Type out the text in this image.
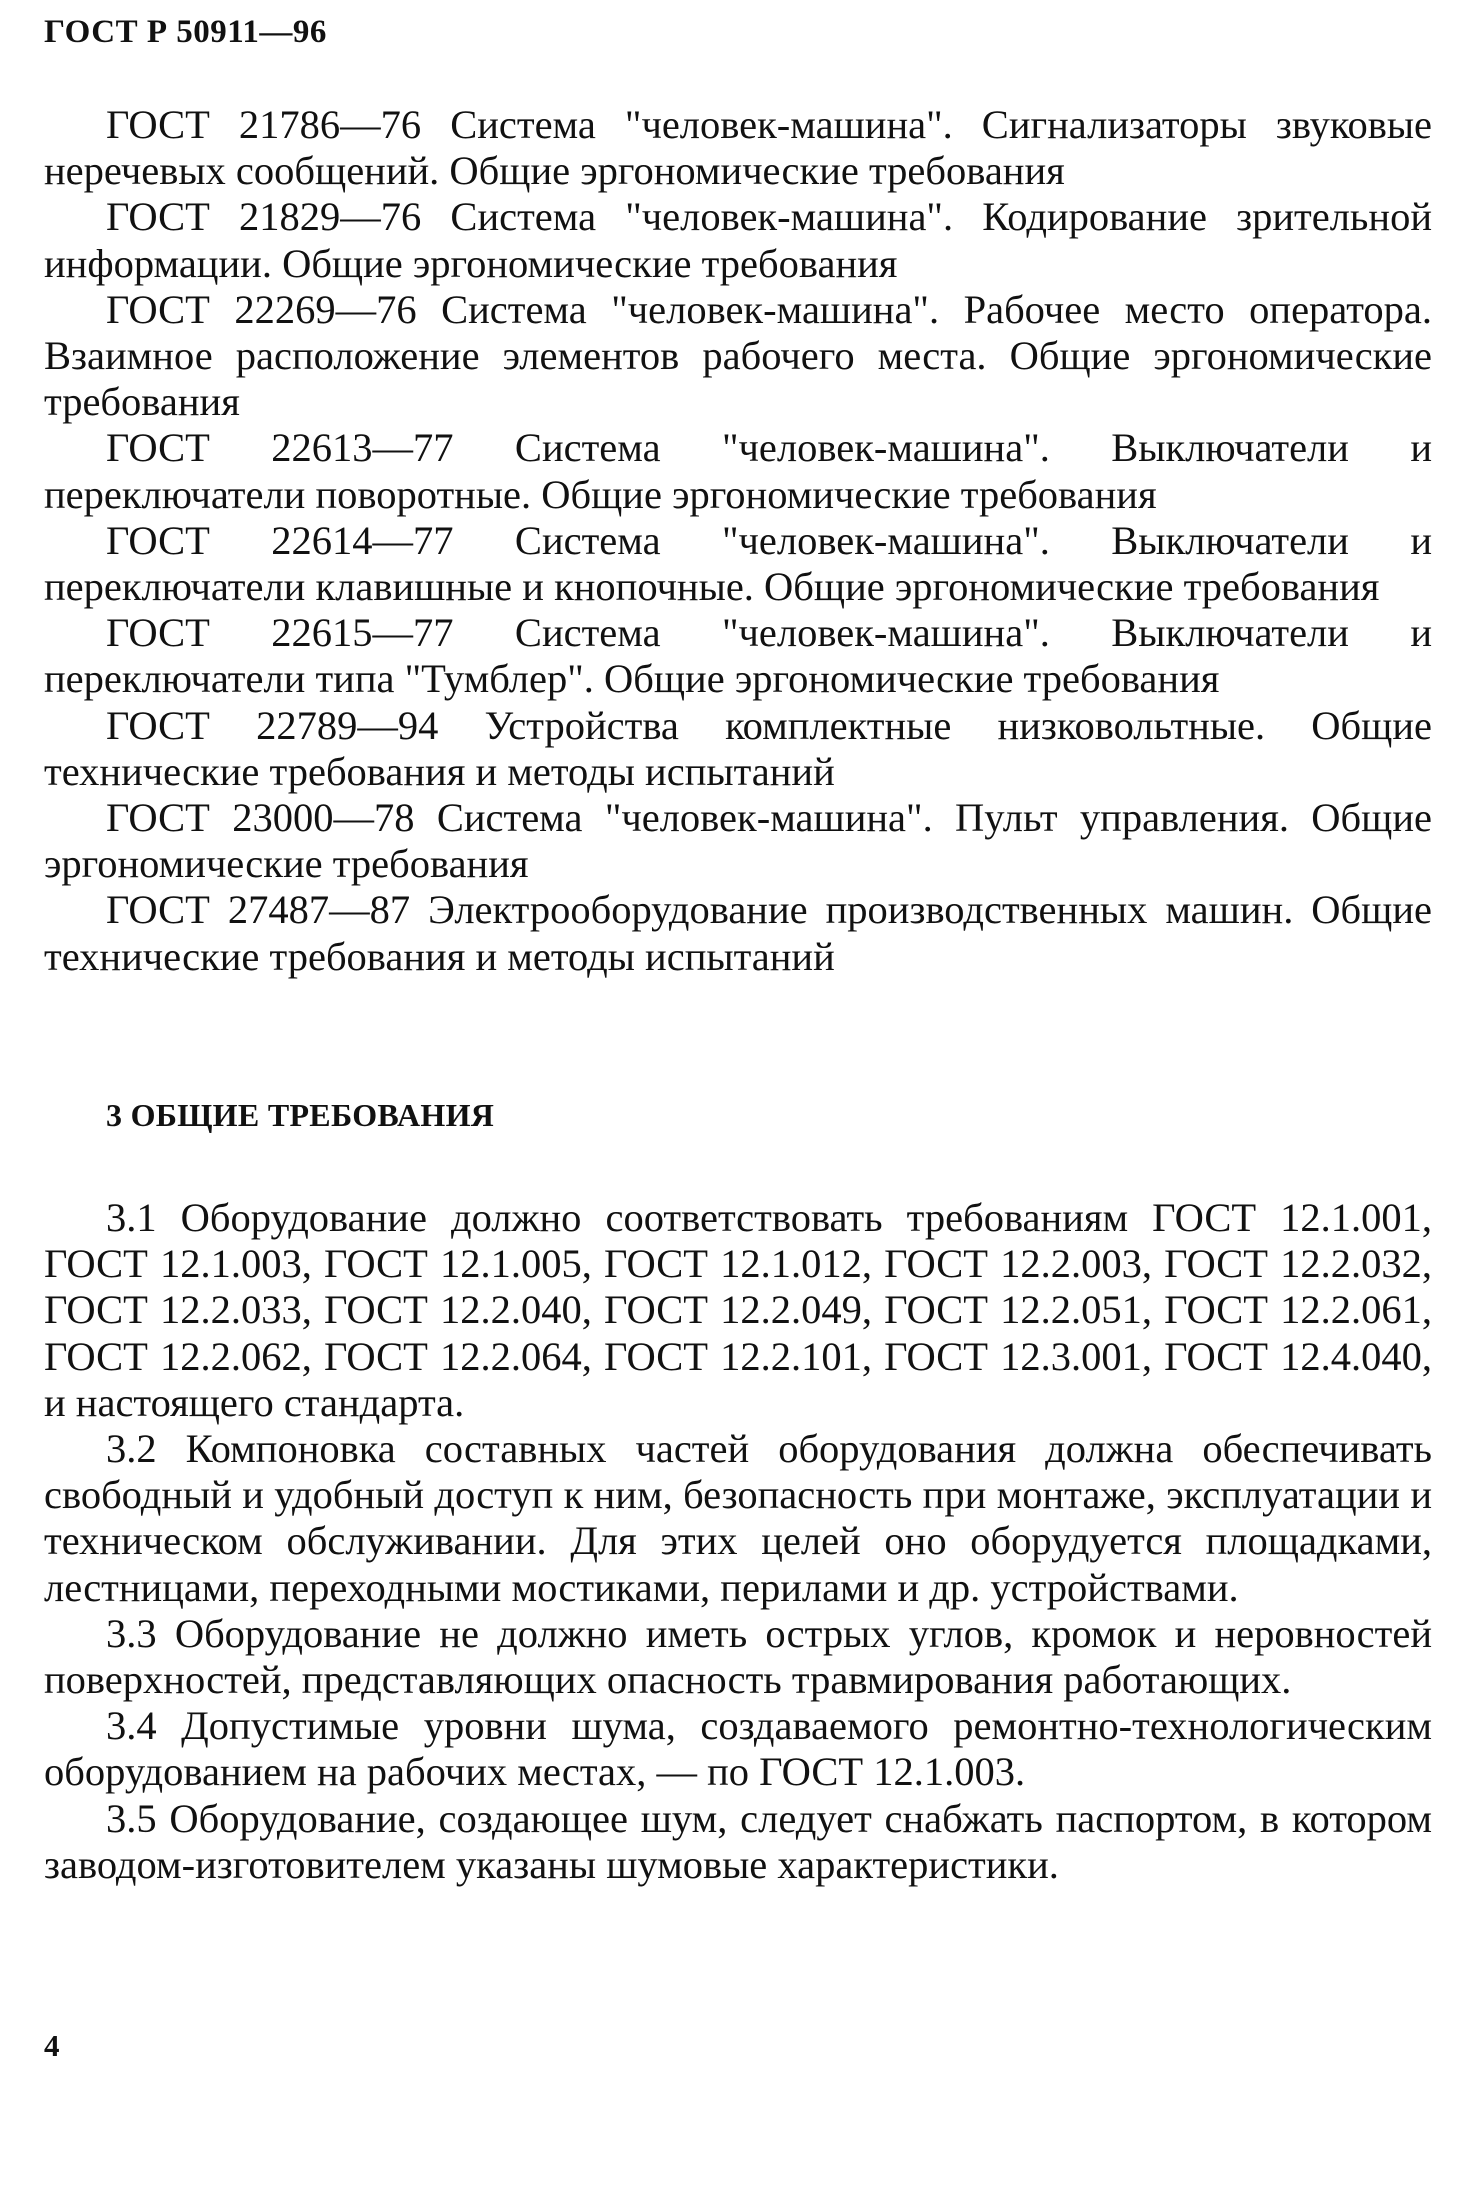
ГОСТ Р 50911—96

ГОСТ 21786—76 Система "человек-машина". Сигнализаторы звуковые неречевых сообщений. Общие эргономические требования

ГОСТ 21829—76 Система "человек-машина". Кодирование зрительной информации. Общие эргономические требования

ГОСТ 22269—76 Система "человек-машина". Рабочее место оператора. Взаимное расположение элементов рабочего места. Общие эргономические требования

ГОСТ 22613—77 Система "человек-машина". Выключатели и переключатели поворотные. Общие эргономические требования

ГОСТ 22614—77 Система "человек-машина". Выключатели и переключатели клавишные и кнопочные. Общие эргономические требования

ГОСТ 22615—77 Система "человек-машина". Выключатели и переключатели типа "Тумблер". Общие эргономические требования

ГОСТ 22789—94 Устройства комплектные низковольтные. Общие технические требования и методы испытаний

ГОСТ 23000—78 Система "человек-машина". Пульт управления. Общие эргономические требования

ГОСТ 27487—87 Электрооборудование производственных машин. Общие технические требования и методы испытаний

3 ОБЩИЕ ТРЕБОВАНИЯ

3.1 Оборудование должно соответствовать требованиям ГОСТ 12.1.001, ГОСТ 12.1.003, ГОСТ 12.1.005, ГОСТ 12.1.012, ГОСТ 12.2.003, ГОСТ 12.2.032, ГОСТ 12.2.033, ГОСТ 12.2.040, ГОСТ 12.2.049, ГОСТ 12.2.051, ГОСТ 12.2.061, ГОСТ 12.2.062, ГОСТ 12.2.064, ГОСТ 12.2.101, ГОСТ 12.3.001, ГОСТ 12.4.040, и настоящего стандарта.

3.2 Компоновка составных частей оборудования должна обеспечивать свободный и удобный доступ к ним, безопасность при монтаже, эксплуатации и техническом обслуживании. Для этих целей оно оборудуется площадками, лестницами, переходными мостиками, перилами и др. устройствами.

3.3 Оборудование не должно иметь острых углов, кромок и неровностей поверхностей, представляющих опасность травмирования работающих.

3.4 Допустимые уровни шума, создаваемого ремонтно-технологическим оборудованием на рабочих местах, — по ГОСТ 12.1.003.

3.5 Оборудование, создающее шум, следует снабжать паспортом, в котором заводом-изготовителем указаны шумовые характеристики.

4
